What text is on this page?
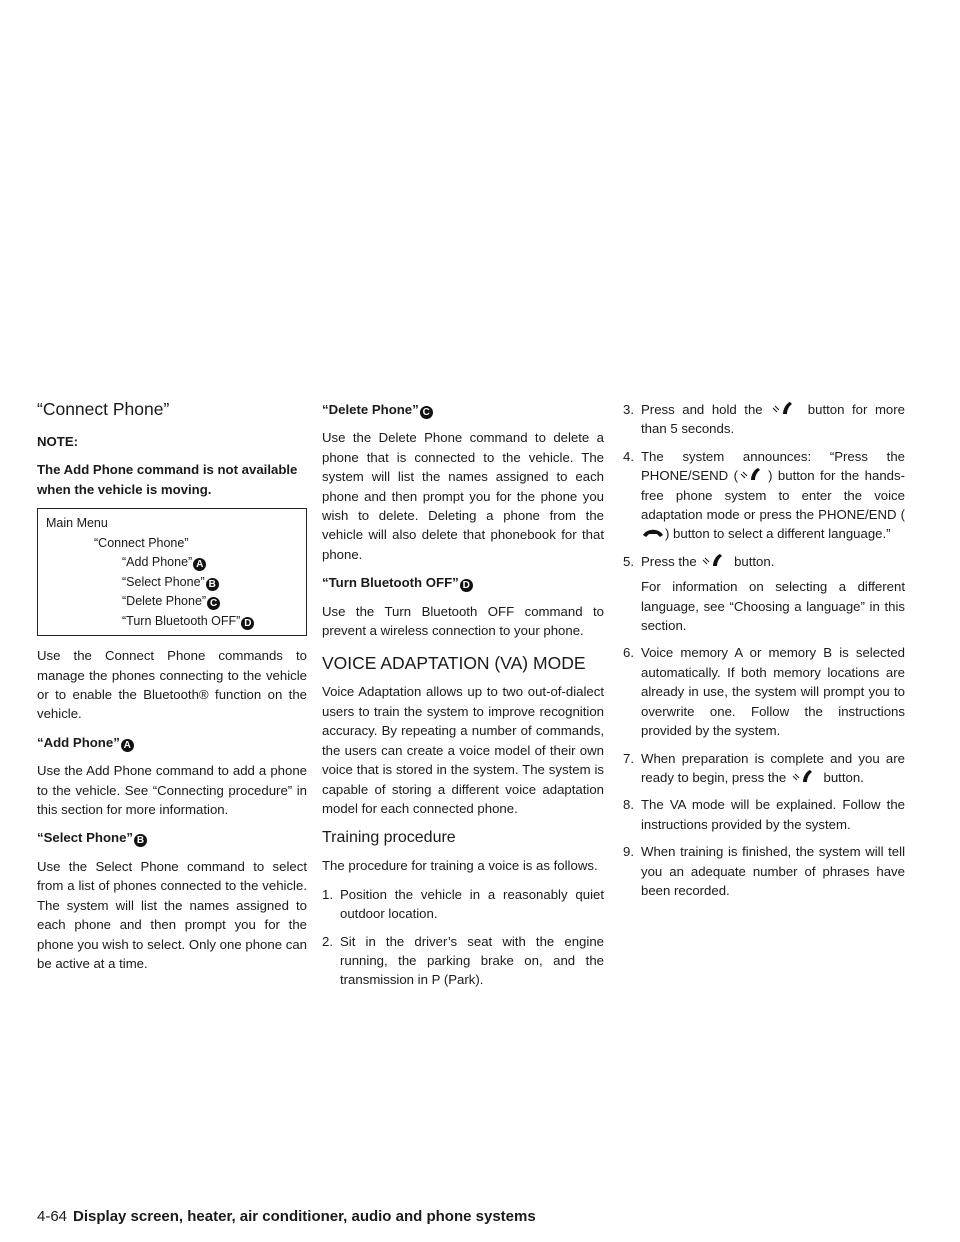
“Connect Phone”

NOTE:

The Add Phone command is not available when the vehicle is moving.

Main Menu
“Connect Phone”
“Add Phone” A
“Select Phone” B
“Delete Phone” C
“Turn Bluetooth OFF” D

Use the Connect Phone commands to manage the phones connecting to the vehicle or to enable the Bluetooth® function on the vehicle.

“Add Phone” A

Use the Add Phone command to add a phone to the vehicle. See “Connecting procedure” in this section for more information.

“Select Phone” B

Use the Select Phone command to select from a list of phones connected to the vehicle. The system will list the names assigned to each phone and then prompt you for the phone you wish to select. Only one phone can be active at a time.

“Delete Phone” C

Use the Delete Phone command to delete a phone that is connected to the vehicle. The system will list the names assigned to each phone and then prompt you for the phone you wish to delete. Deleting a phone from the vehicle will also delete that phonebook for that phone.

“Turn Bluetooth OFF” D

Use the Turn Bluetooth OFF command to prevent a wireless connection to your phone.

VOICE ADAPTATION (VA) MODE

Voice Adaptation allows up to two out-of-dialect users to train the system to improve recognition accuracy. By repeating a number of commands, the users can create a voice model of their own voice that is stored in the system. The system is capable of storing a different voice adaptation model for each connected phone.

Training procedure

The procedure for training a voice is as follows.

1. Position the vehicle in a reasonably quiet outdoor location.
2. Sit in the driver’s seat with the engine running, the parking brake on, and the transmission in P (Park).
3. Press and hold the	button for more than 5 seconds.
4. The system announces: “Press the PHONE/SEND ( ) button for the hands-free phone system to enter the voice adaptation mode or press the PHONE/END () button to select a different language.”
5. Press the	button.

For information on selecting a different language, see “Choosing a language” in this section.

6. Voice memory A or memory B is selected automatically. If both memory locations are already in use, the system will prompt you to overwrite one. Follow the instructions provided by the system.
7. When preparation is complete and you are ready to begin, press the	button.
8. The VA mode will be explained. Follow the instructions provided by the system.
9. When training is finished, the system will tell you an adequate number of phrases have been recorded.
4-64 Display screen, heater, air conditioner, audio and phone systems
